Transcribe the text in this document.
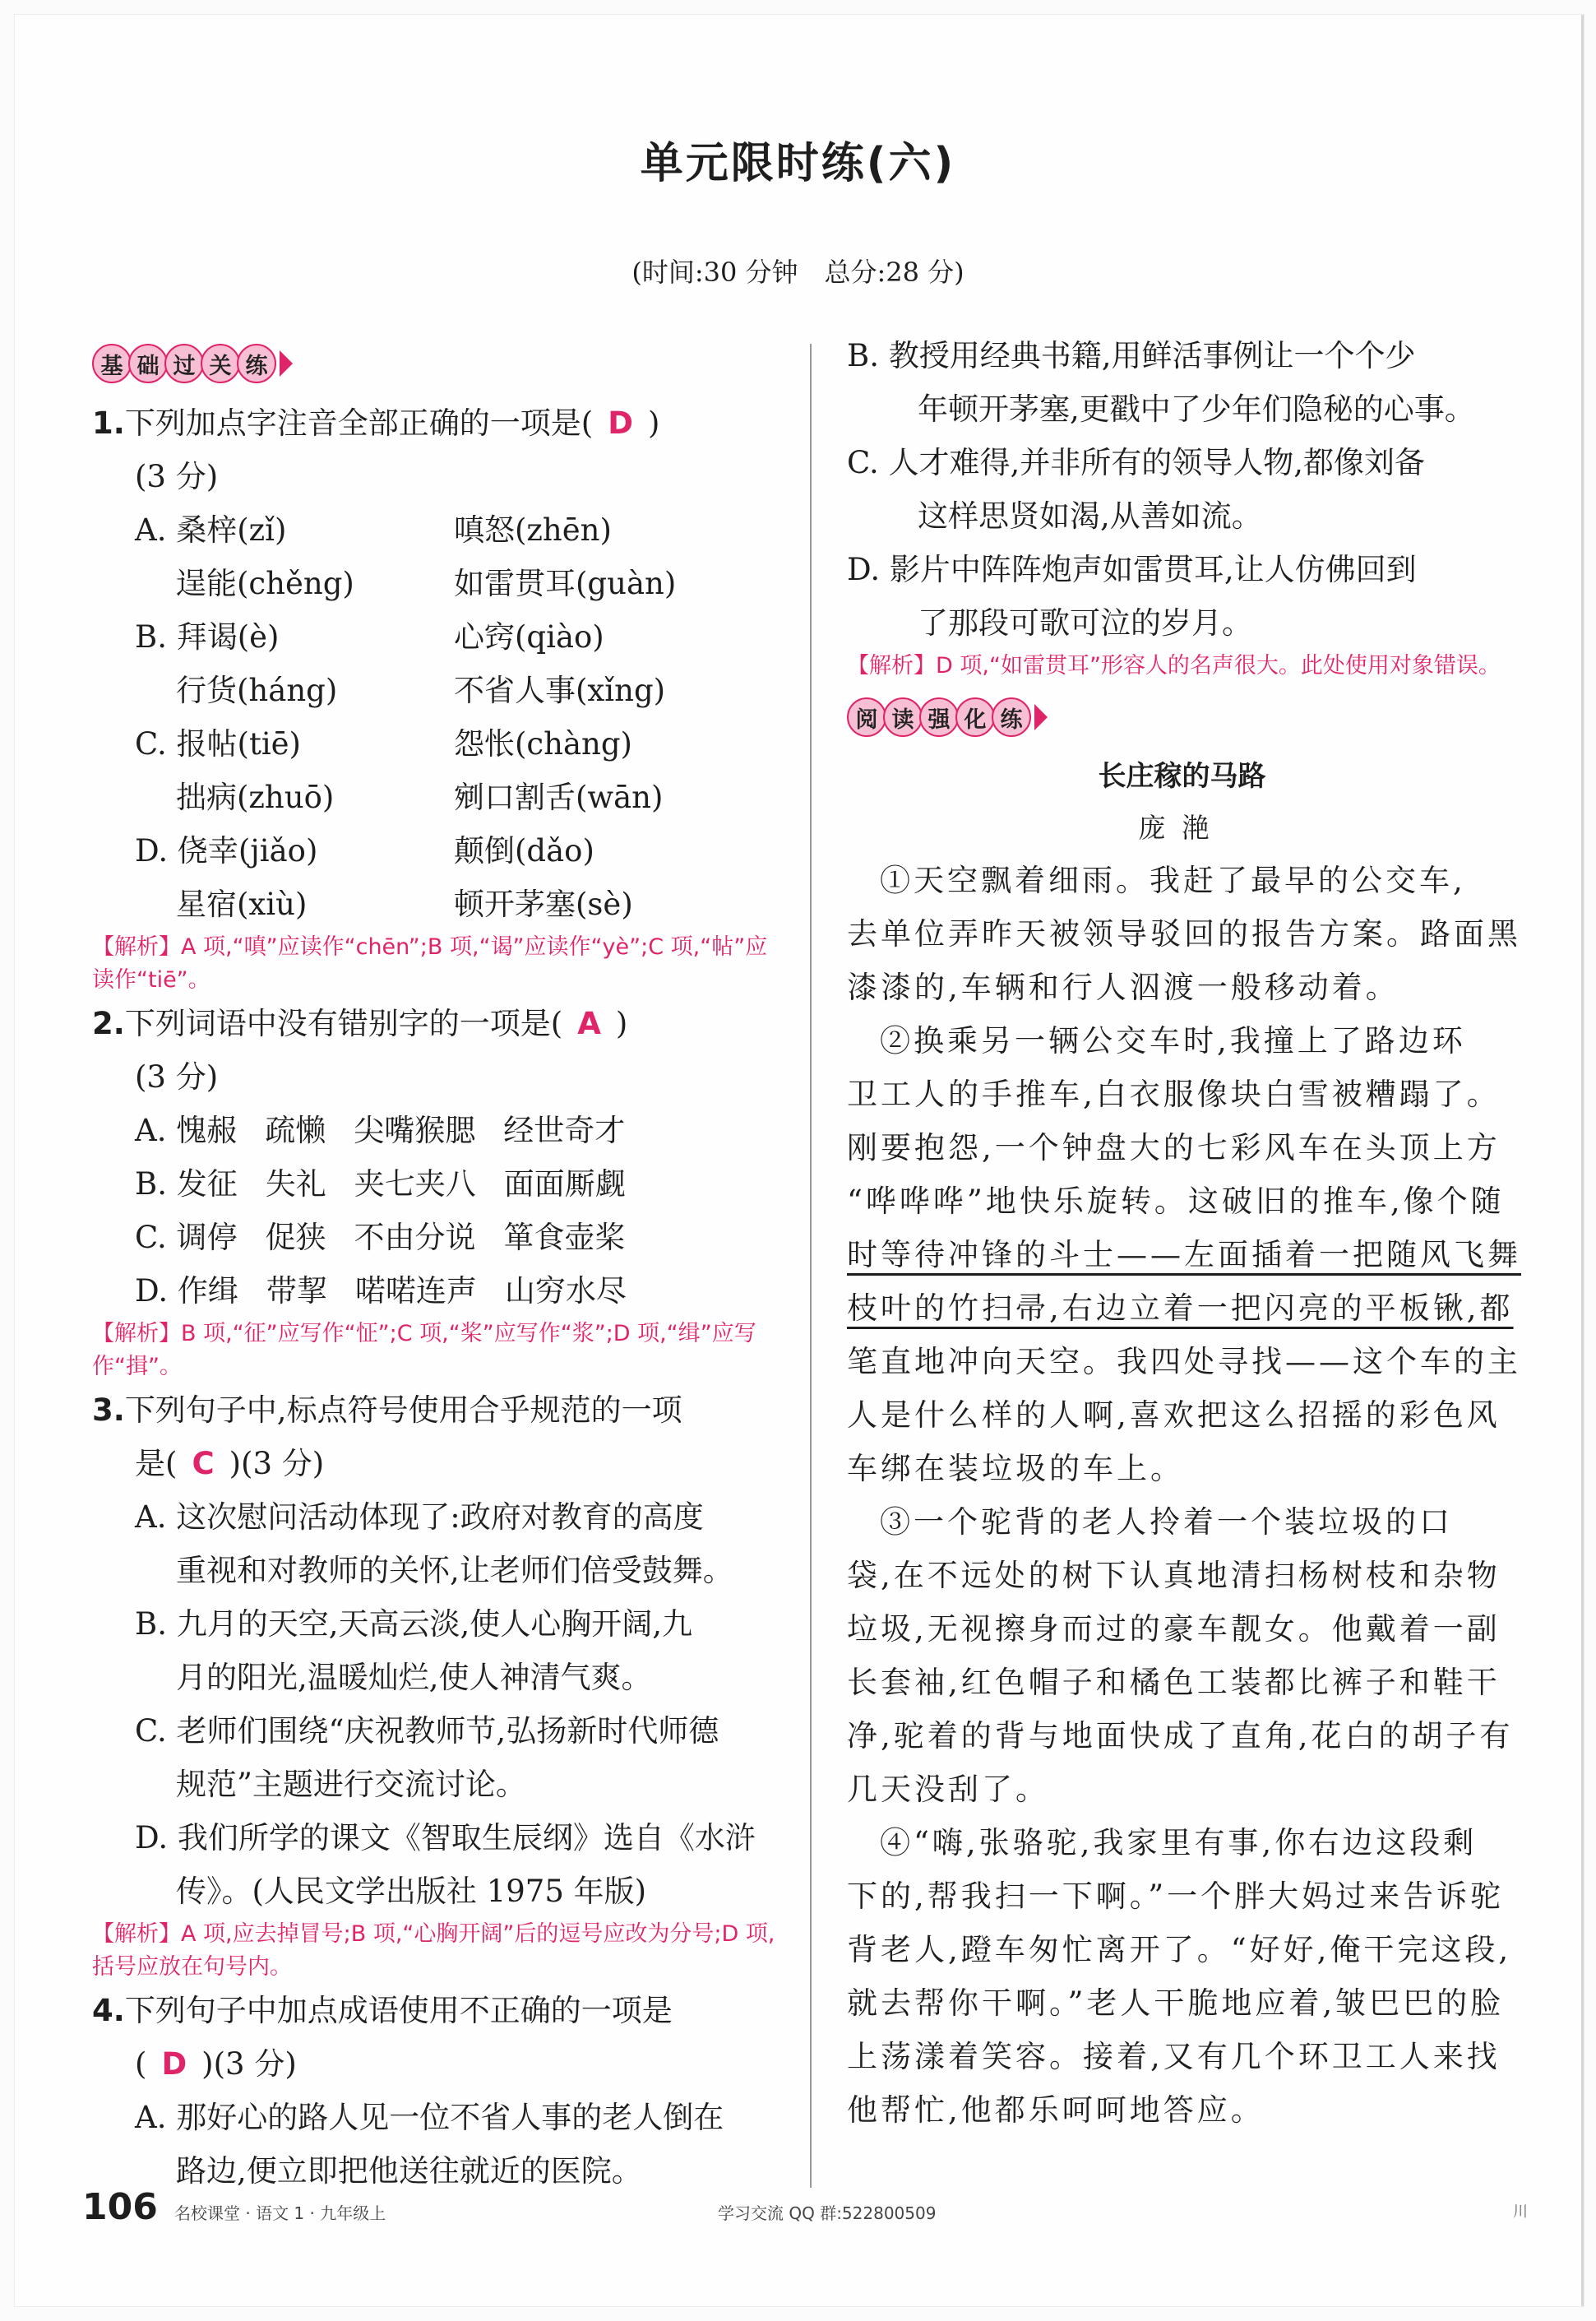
单元限时练(六)
(时间:30 分钟　总分:28 分)
基 础 过 关 练
1.下列加点字注音全部正确的一项是( D )
(3 分)
A. 桑梓(zǐ)	嗔怒(zhēn)
逞能(chěng)	如雷贯耳(guàn)
B. 拜谒(è)	心窍(qiào)
行货(háng)	不省人事(xǐng)
C. 报帖(tiē)	怨怅(chàng)
拙病(zhuō)	剜口割舌(wān)
D. 侥幸(jiǎo)	颠倒(dǎo)
星宿(xiù)	顿开茅塞(sè)
【解析】A 项,“嗔”应读作“chēn”;B 项,“谒”应读作“yè”;C 项,“帖”应读作“tiē”。
2.下列词语中没有错别字的一项是( A )
(3 分)
A. 愧赧 疏懒 尖嘴猴腮 经世奇才
B. 发征 失礼 夹七夹八 面面厮觑
C. 调停 促狭 不由分说 箪食壶桨
D. 作缉 带挈 喏喏连声 山穷水尽
【解析】B 项,“征”应写作“怔”;C 项,“桨”应写作“浆”;D 项,“缉”应写作“揖”。
3.下列句子中,标点符号使用合乎规范的一项
是( C )(3 分)
A. 这次慰问活动体现了:政府对教育的高度
重视和对教师的关怀,让老师们倍受鼓舞。
B. 九月的天空,天高云淡,使人心胸开阔,九
月的阳光,温暖灿烂,使人神清气爽。
C. 老师们围绕“庆祝教师节,弘扬新时代师德
规范”主题进行交流讨论。
D. 我们所学的课文《智取生辰纲》选自《水浒
传》。(人民文学出版社 1975 年版)
【解析】A 项,应去掉冒号;B 项,“心胸开阔”后的逗号应改为分号;D 项,括号应放在句号内。
4.下列句子中加点成语使用不正确的一项是
( D )(3 分)
A. 那好心的路人见一位不省人事的老人倒在
路边,便立即把他送往就近的医院。
B. 教授用经典书籍,用鲜活事例让一个个少
年顿开茅塞,更戳中了少年们隐秘的心事。
C. 人才难得,并非所有的领导人物,都像刘备
这样思贤如渴,从善如流。
D. 影片中阵阵炮声如雷贯耳,让人仿佛回到
了那段可歌可泣的岁月。
【解析】D 项,“如雷贯耳”形容人的名声很大。此处使用对象错误。
阅 读 强 化 练
长庄稼的马路
庞滟
①天空飘着细雨。我赶了最早的公交车,
去单位弄昨天被领导驳回的报告方案。路面黑
漆漆的,车辆和行人泅渡一般移动着。
②换乘另一辆公交车时,我撞上了路边环
卫工人的手推车,白衣服像块白雪被糟蹋了。
刚要抱怨,一个钟盘大的七彩风车在头顶上方
“哗哗哗”地快乐旋转。这破旧的推车,像个随
时等待冲锋的斗士——左面插着一把随风飞舞
枝叶的竹扫帚,右边立着一把闪亮的平板锹,都
笔直地冲向天空。我四处寻找——这个车的主
人是什么样的人啊,喜欢把这么招摇的彩色风
车绑在装垃圾的车上。
③一个驼背的老人拎着一个装垃圾的口
袋,在不远处的树下认真地清扫杨树枝和杂物
垃圾,无视擦身而过的豪车靓女。他戴着一副
长套袖,红色帽子和橘色工装都比裤子和鞋干
净,驼着的背与地面快成了直角,花白的胡子有
几天没刮了。
④“嗨,张骆驼,我家里有事,你右边这段剩
下的,帮我扫一下啊。”一个胖大妈过来告诉驼
背老人,蹬车匆忙离开了。“好好,俺干完这段,
就去帮你干啊。”老人干脆地应着,皱巴巴的脸
上荡漾着笑容。接着,又有几个环卫工人来找
他帮忙,他都乐呵呵地答应。
106 名校课堂 · 语文 1 · 九年级上	学习交流 QQ 群:522800509	川
